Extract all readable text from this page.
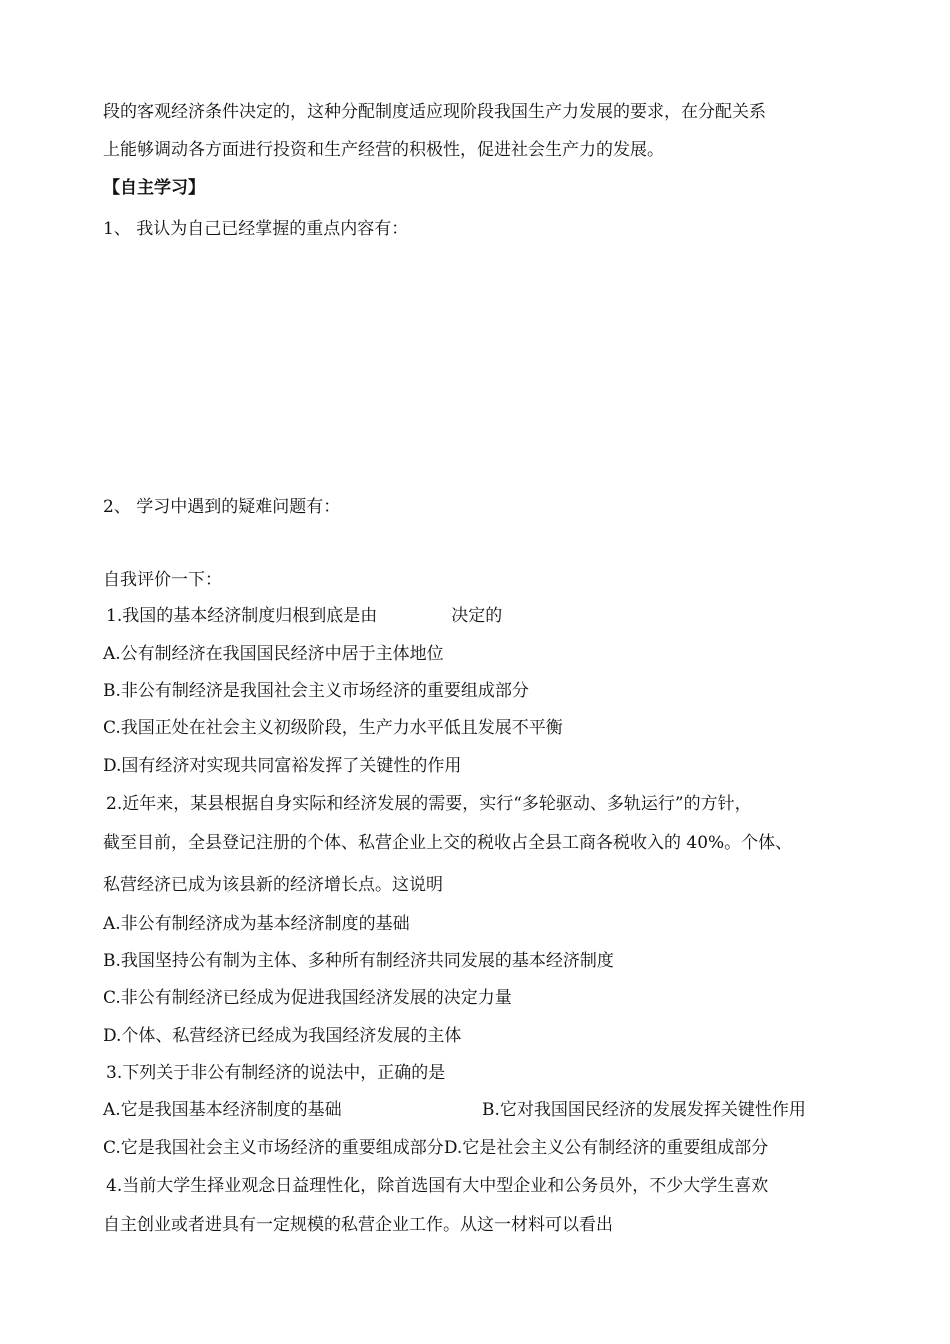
段的客观经济条件决定的，这种分配制度适应现阶段我国生产力发展的要求，在分配关系
上能够调动各方面进行投资和生产经营的积极性，促进社会生产力的发展。
【自主学习】
1、 我认为自己已经掌握的重点内容有：
2、 学习中遇到的疑难问题有：
自我评价一下：
1.我国的基本经济制度归根到底是由	决定的
A.公有制经济在我国国民经济中居于主体地位
B.非公有制经济是我国社会主义市场经济的重要组成部分
C.我国正处在社会主义初级阶段，生产力水平低且发展不平衡
D.国有经济对实现共同富裕发挥了关键性的作用
2.近年来，某县根据自身实际和经济发展的需要，实行“多轮驱动、多轨运行”的方针，
截至目前，全县登记注册的个体、私营企业上交的税收占全县工商各税收入的 40%。个体、
私营经济已成为该县新的经济增长点。这说明
A.非公有制经济成为基本经济制度的基础
B.我国坚持公有制为主体、多种所有制经济共同发展的基本经济制度
C.非公有制经济已经成为促进我国经济发展的决定力量
D.个体、私营经济已经成为我国经济发展的主体
3.下列关于非公有制经济的说法中，正确的是
A.它是我国基本经济制度的基础	B.它对我国国民经济的发展发挥关键性作用
C.它是我国社会主义市场经济的重要组成部分D.它是社会主义公有制经济的重要组成部分
4.当前大学生择业观念日益理性化，除首选国有大中型企业和公务员外，不少大学生喜欢
自主创业或者进具有一定规模的私营企业工作。从这一材料可以看出
